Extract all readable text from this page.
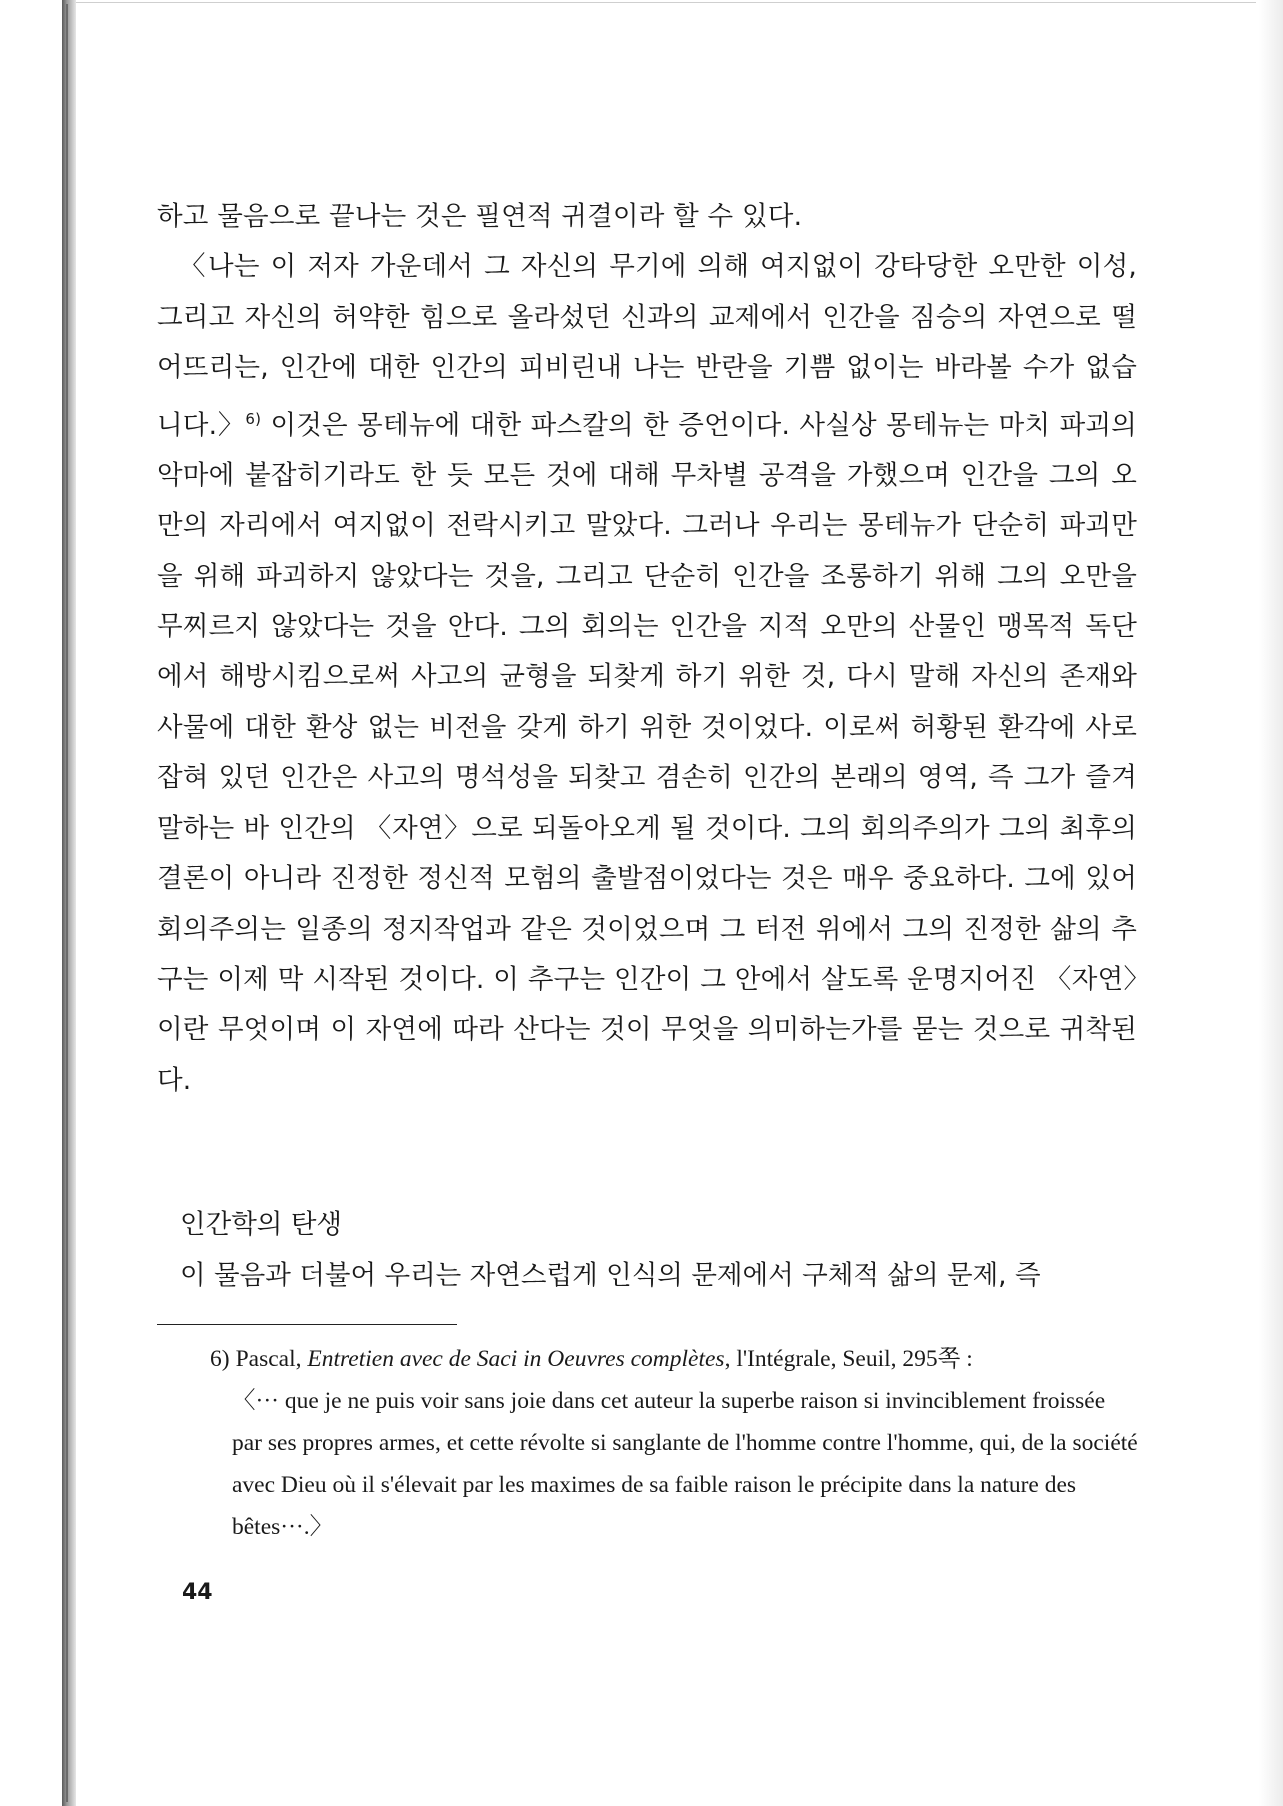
하고 물음으로 끝나는 것은 필연적 귀결이라 할 수 있다.

〈나는 이 저자 가운데서 그 자신의 무기에 의해 여지없이 강타당한 오만한 이성, 그리고 자신의 허약한 힘으로 올라섰던 신과의 교제에서 인간을 짐승의 자연으로 떨어뜨리는, 인간에 대한 인간의 피비린내 나는 반란을 기쁨 없이는 바라볼 수가 없습니다.〉$^{6)}$ 이것은 몽테뉴에 대한 파스칼의 한 증언이다. 사실상 몽테뉴는 마치 파괴의 악마에 붙잡히기라도 한 듯 모든 것에 대해 무차별 공격을 가했으며 인간을 그의 오만의 자리에서 여지없이 전락시키고 말았다. 그러나 우리는 몽테뉴가 단순히 파괴만을 위해 파괴하지 않았다는 것을, 그리고 단순히 인간을 조롱하기 위해 그의 오만을 무찌르지 않았다는 것을 안다. 그의 회의는 인간을 지적 오만의 산물인 맹목적 독단에서 해방시킴으로써 사고의 균형을 되찾게 하기 위한 것, 다시 말해 자신의 존재와 사물에 대한 환상 없는 비전을 갖게 하기 위한 것이었다. 이로써 허황된 환각에 사로잡혀 있던 인간은 사고의 명석성을 되찾고 겸손히 인간의 본래의 영역, 즉 그가 즐겨 말하는 바 인간의 〈자연〉으로 되돌아오게 될 것이다. 그의 회의주의가 그의 최후의 결론이 아니라 진정한 정신적 모험의 출발점이었다는 것은 매우 중요하다. 그에 있어 회의주의는 일종의 정지작업과 같은 것이었으며 그 터전 위에서 그의 진정한 삶의 추구는 이제 막 시작된 것이다. 이 추구는 인간이 그 안에서 살도록 운명지어진 〈자연〉이란 무엇이며 이 자연에 따라 산다는 것이 무엇을 의미하는가를 묻는 것으로 귀착된다.

인간학의 탄생
이 물음과 더불어 우리는 자연스럽게 인식의 문제에서 구체적 삶의 문제, 즉
6) Pascal, Entretien avec de Saci in Oeuvres complètes, l'Intégrale, Seuil, 295쪽 :
〈··· que je ne puis voir sans joie dans cet auteur la superbe raison si invinciblement froissée par ses propres armes, et cette révolte si sanglante de l'homme contre l'homme, qui, de la société avec Dieu où il s'élevait par les maximes de sa faible raison le précipite dans la nature des bêtes···.〉
44
